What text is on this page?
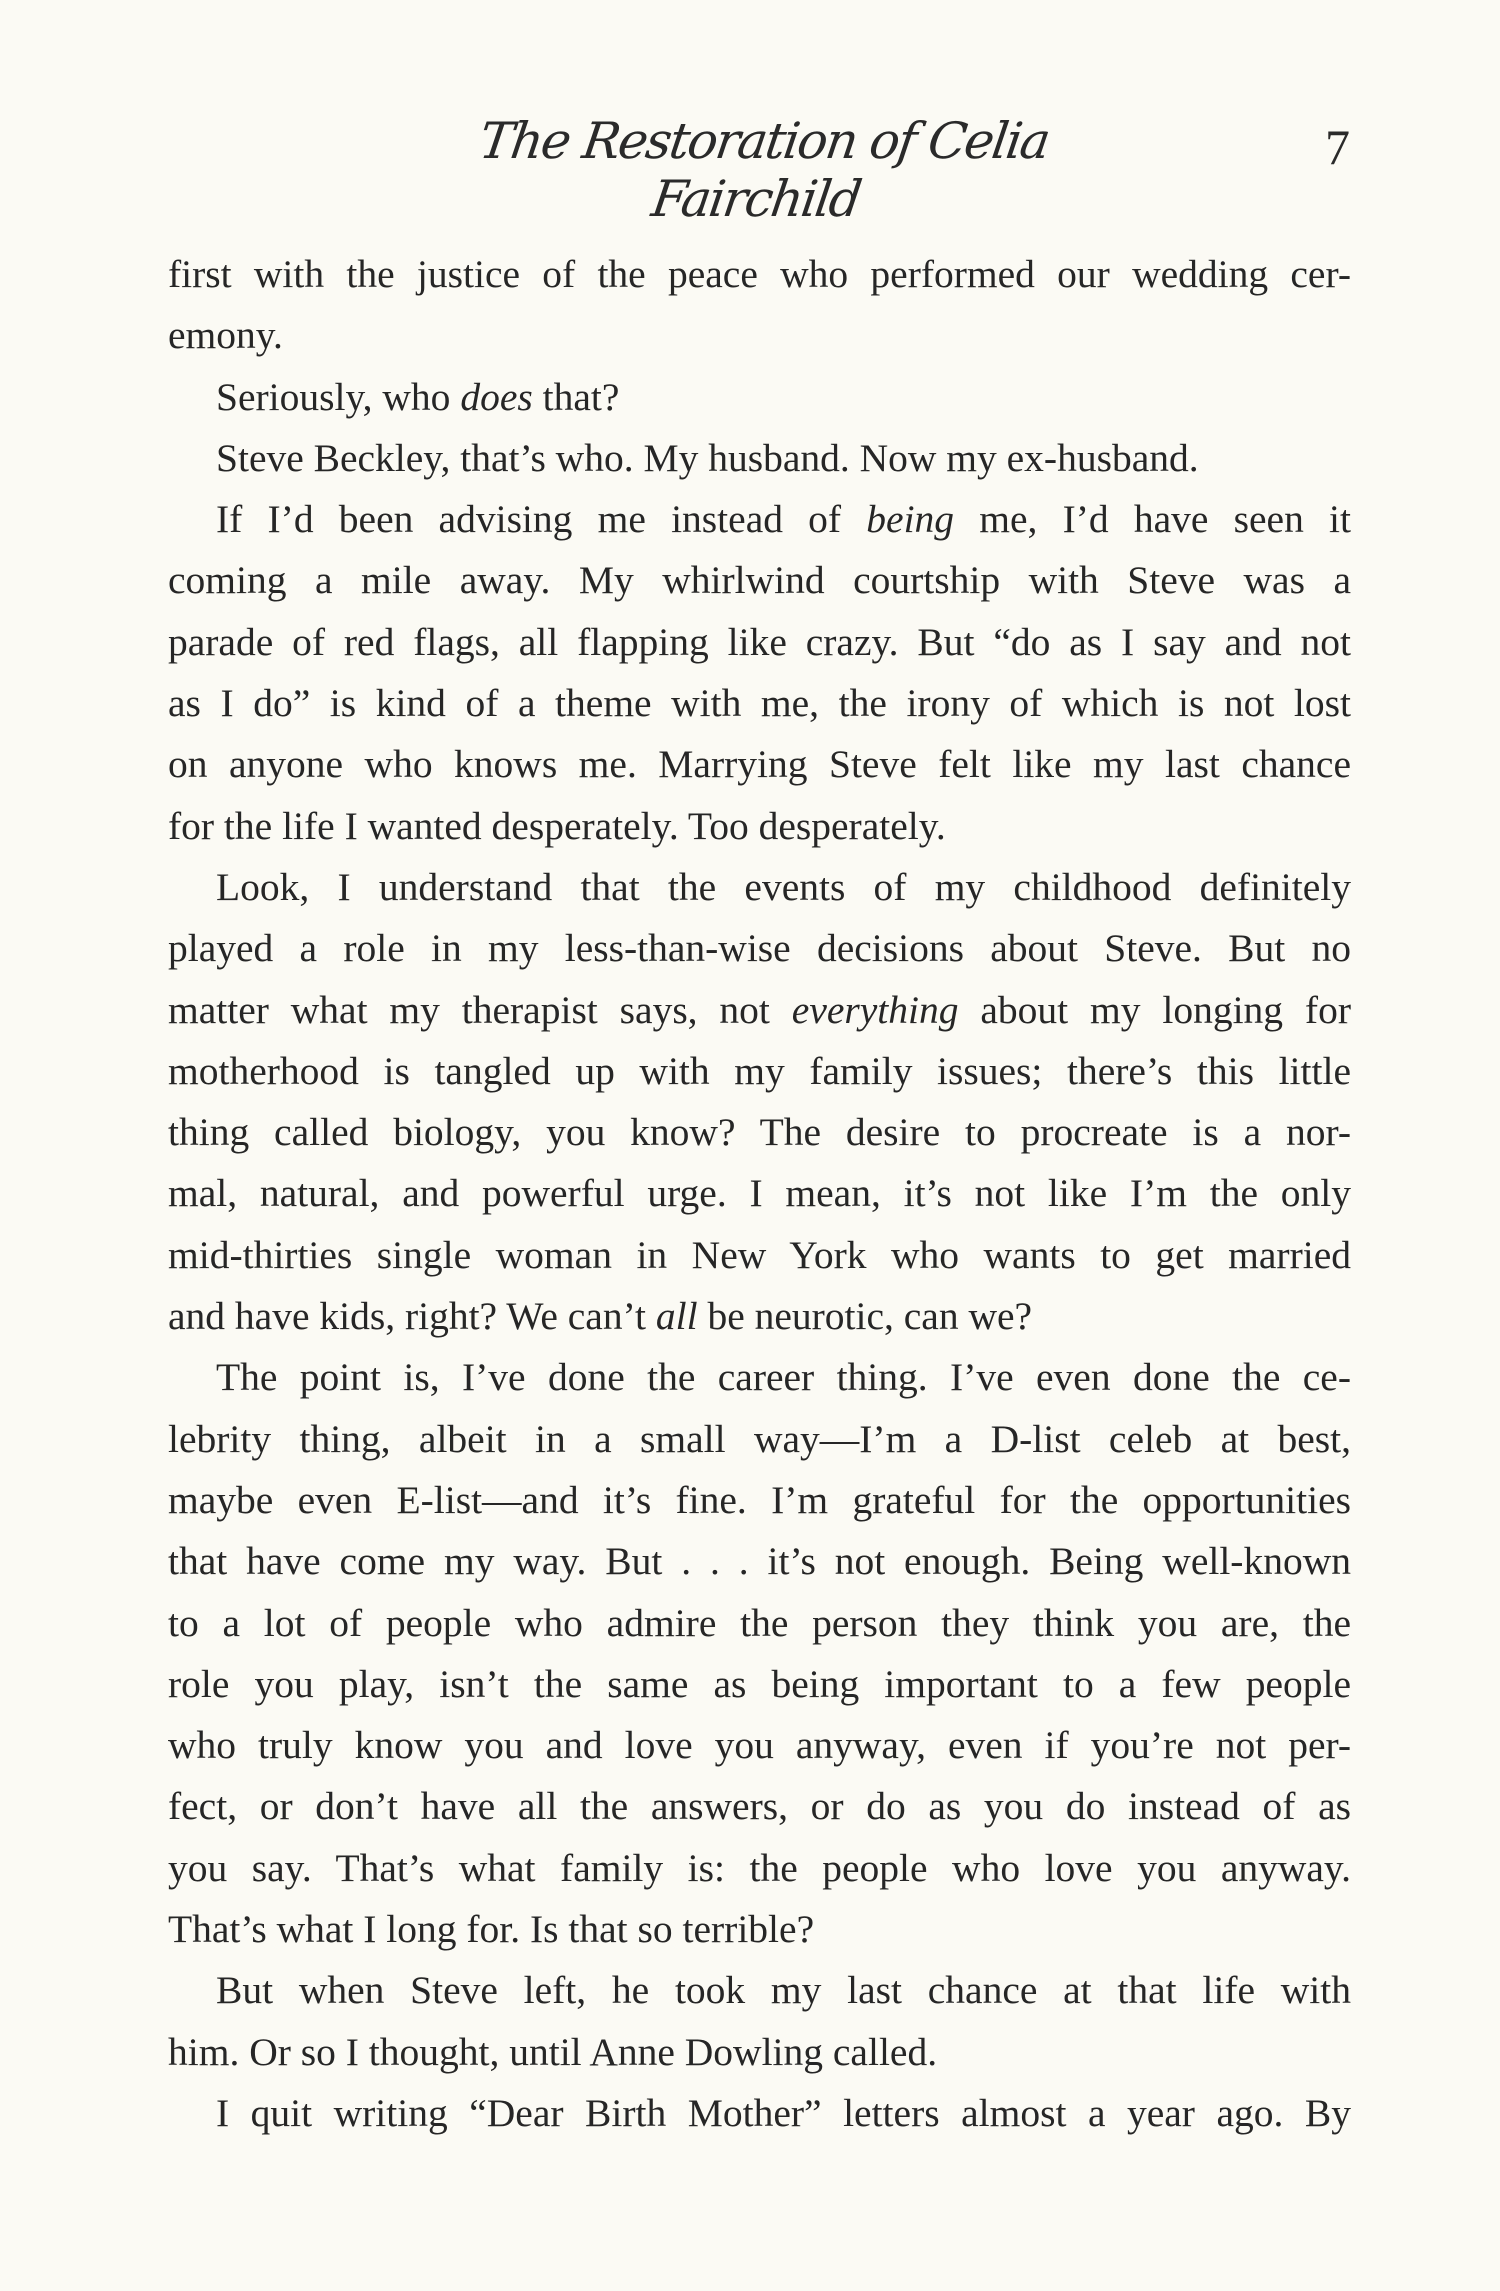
The Restoration of Celia Fairchild
7
first with the justice of the peace who performed our wedding cer-
emony.
Seriously, who does that?
Steve Beckley, that’s who. My husband. Now my ex-husband.
If I’d been advising me instead of being me, I’d have seen it
coming a mile away. My whirlwind courtship with Steve was a
parade of red flags, all flapping like crazy. But “do as I say and not
as I do” is kind of a theme with me, the irony of which is not lost
on anyone who knows me. Marrying Steve felt like my last chance
for the life I wanted desperately. Too desperately.
Look, I understand that the events of my childhood definitely
played a role in my less-than-wise decisions about Steve. But no
matter what my therapist says, not everything about my longing for
motherhood is tangled up with my family issues; there’s this little
thing called biology, you know? The desire to procreate is a nor-
mal, natural, and powerful urge. I mean, it’s not like I’m the only
mid-thirties single woman in New York who wants to get married
and have kids, right? We can’t all be neurotic, can we?
The point is, I’ve done the career thing. I’ve even done the ce-
lebrity thing, albeit in a small way—I’m a D-list celeb at best,
maybe even E-list—and it’s fine. I’m grateful for the opportunities
that have come my way. But . . . it’s not enough. Being well-known
to a lot of people who admire the person they think you are, the
role you play, isn’t the same as being important to a few people
who truly know you and love you anyway, even if you’re not per-
fect, or don’t have all the answers, or do as you do instead of as
you say. That’s what family is: the people who love you anyway.
That’s what I long for. Is that so terrible?
But when Steve left, he took my last chance at that life with
him. Or so I thought, until Anne Dowling called.
I quit writing “Dear Birth Mother” letters almost a year ago. By
